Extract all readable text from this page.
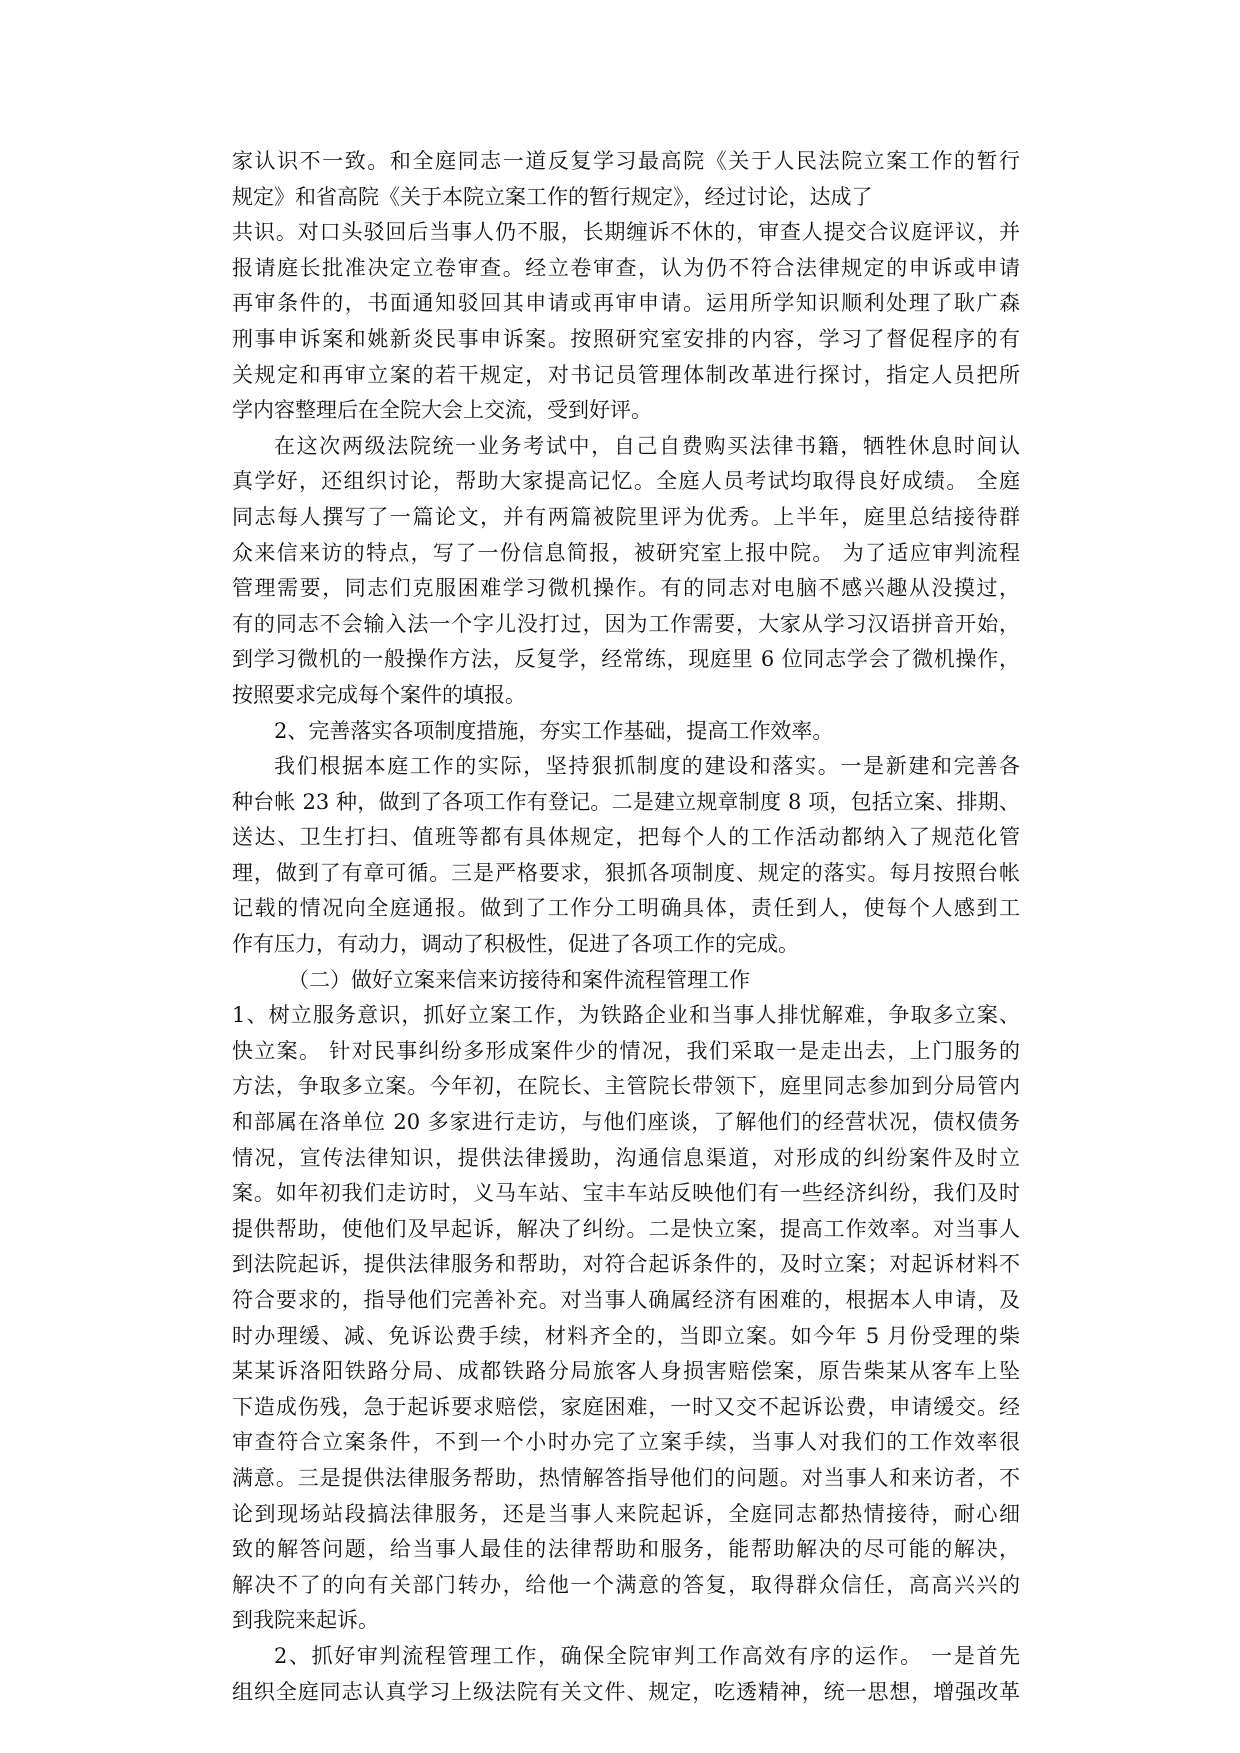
家认识不一致。和全庭同志一道反复学习最高院《关于人民法院立案工作的暂行
规定》和省高院《关于本院立案工作的暂行规定》，经过讨论，达成了
共识。对口头驳回后当事人仍不服，长期缠诉不休的，审查人提交合议庭评议，并
报请庭长批准决定立卷审查。经立卷审查，认为仍不符合法律规定的申诉或申请
再审条件的，书面通知驳回其申请或再审申请。运用所学知识顺利处理了耿广森
刑事申诉案和姚新炎民事申诉案。按照研究室安排的内容，学习了督促程序的有
关规定和再审立案的若干规定，对书记员管理体制改革进行探讨，指定人员把所
学内容整理后在全院大会上交流，受到好评。
在这次两级法院统一业务考试中，自己自费购买法律书籍，牺牲休息时间认
真学好，还组织讨论，帮助大家提高记忆。全庭人员考试均取得良好成绩。 全庭
同志每人撰写了一篇论文，并有两篇被院里评为优秀。上半年，庭里总结接待群
众来信来访的特点，写了一份信息简报，被研究室上报中院。 为了适应审判流程
管理需要，同志们克服困难学习微机操作。有的同志对电脑不感兴趣从没摸过，
有的同志不会输入法一个字儿没打过，因为工作需要，大家从学习汉语拼音开始，
到学习微机的一般操作方法，反复学，经常练，现庭里 6 位同志学会了微机操作，
按照要求完成每个案件的填报。
2、完善落实各项制度措施，夯实工作基础，提高工作效率。
我们根据本庭工作的实际，坚持狠抓制度的建设和落实。一是新建和完善各
种台帐 23 种，做到了各项工作有登记。二是建立规章制度 8 项，包括立案、排期、
送达、卫生打扫、值班等都有具体规定，把每个人的工作活动都纳入了规范化管
理，做到了有章可循。三是严格要求，狠抓各项制度、规定的落实。每月按照台帐
记载的情况向全庭通报。做到了工作分工明确具体，责任到人，使每个人感到工
作有压力，有动力，调动了积极性，促进了各项工作的完成。
（二）做好立案来信来访接待和案件流程管理工作
1、树立服务意识，抓好立案工作，为铁路企业和当事人排忧解难，争取多立案、
快立案。 针对民事纠纷多形成案件少的情况，我们采取一是走出去，上门服务的
方法，争取多立案。今年初，在院长、主管院长带领下，庭里同志参加到分局管内
和部属在洛单位 20 多家进行走访，与他们座谈，了解他们的经营状况，债权债务
情况，宣传法律知识，提供法律援助，沟通信息渠道，对形成的纠纷案件及时立
案。如年初我们走访时，义马车站、宝丰车站反映他们有一些经济纠纷，我们及时
提供帮助，使他们及早起诉，解决了纠纷。二是快立案，提高工作效率。对当事人
到法院起诉，提供法律服务和帮助，对符合起诉条件的，及时立案；对起诉材料不
符合要求的，指导他们完善补充。对当事人确属经济有困难的，根据本人申请，及
时办理缓、减、免诉讼费手续，材料齐全的，当即立案。如今年 5 月份受理的柴
某某诉洛阳铁路分局、成都铁路分局旅客人身损害赔偿案，原告柴某从客车上坠
下造成伤残，急于起诉要求赔偿，家庭困难，一时又交不起诉讼费，申请缓交。经
审查符合立案条件，不到一个小时办完了立案手续，当事人对我们的工作效率很
满意。三是提供法律服务帮助，热情解答指导他们的问题。对当事人和来访者，不
论到现场站段搞法律服务，还是当事人来院起诉，全庭同志都热情接待，耐心细
致的解答问题，给当事人最佳的法律帮助和服务，能帮助解决的尽可能的解决，
解决不了的向有关部门转办，给他一个满意的答复，取得群众信任，高高兴兴的
到我院来起诉。
2、抓好审判流程管理工作，确保全院审判工作高效有序的运作。 一是首先
组织全庭同志认真学习上级法院有关文件、规定，吃透精神，统一思想，增强改革
